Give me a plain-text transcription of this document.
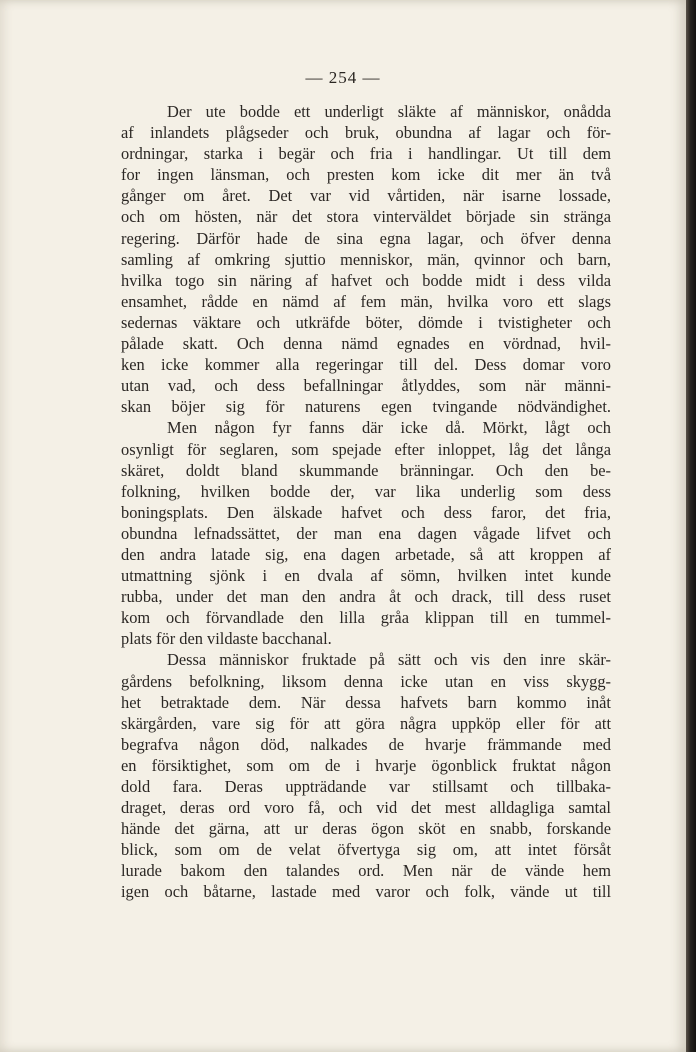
— 254 —
Der ute bodde ett underligt släkte af människor, onådda
af inlandets plågseder och bruk, obundna af lagar och för-
ordningar, starka i begär och fria i handlingar. Ut till dem
for ingen länsman, och presten kom icke dit mer än två
gånger om året. Det var vid vårtiden, när isarne lossade,
och om hösten, när det stora vinterväldet började sin stränga
regering. Därför hade de sina egna lagar, och öfver denna
samling af omkring sjuttio menniskor, män, qvinnor och barn,
hvilka togo sin näring af hafvet och bodde midt i dess vilda
ensamhet, rådde en nämd af fem män, hvilka voro ett slags
sedernas väktare och utkräfde böter, dömde i tvistigheter och
pålade skatt. Och denna nämd egnades en vördnad, hvil-
ken icke kommer alla regeringar till del. Dess domar voro
utan vad, och dess befallningar åtlyddes, som när männi-
skan böjer sig för naturens egen tvingande nödvändighet.
Men någon fyr fanns där icke då. Mörkt, lågt och
osynligt för seglaren, som spejade efter inloppet, låg det långa
skäret, doldt bland skummande bränningar. Och den be-
folkning, hvilken bodde der, var lika underlig som dess
boningsplats. Den älskade hafvet och dess faror, det fria,
obundna lefnadssättet, der man ena dagen vågade lifvet och
den andra latade sig, ena dagen arbetade, så att kroppen af
utmattning sjönk i en dvala af sömn, hvilken intet kunde
rubba, under det man den andra åt och drack, till dess ruset
kom och förvandlade den lilla gråa klippan till en tummel-
plats för den vildaste bacchanal.
Dessa människor fruktade på sätt och vis den inre skär-
gårdens befolkning, liksom denna icke utan en viss skygg-
het betraktade dem. När dessa hafvets barn kommo inåt
skärgården, vare sig för att göra några uppköp eller för att
begrafva någon död, nalkades de hvarje främmande med
en försiktighet, som om de i hvarje ögonblick fruktat någon
dold fara. Deras uppträdande var stillsamt och tillbaka-
draget, deras ord voro få, och vid det mest alldagliga samtal
hände det gärna, att ur deras ögon sköt en snabb, forskande
blick, som om de velat öfvertyga sig om, att intet försåt
lurade bakom den talandes ord. Men när de vände hem
igen och båtarne, lastade med varor och folk, vände ut till
